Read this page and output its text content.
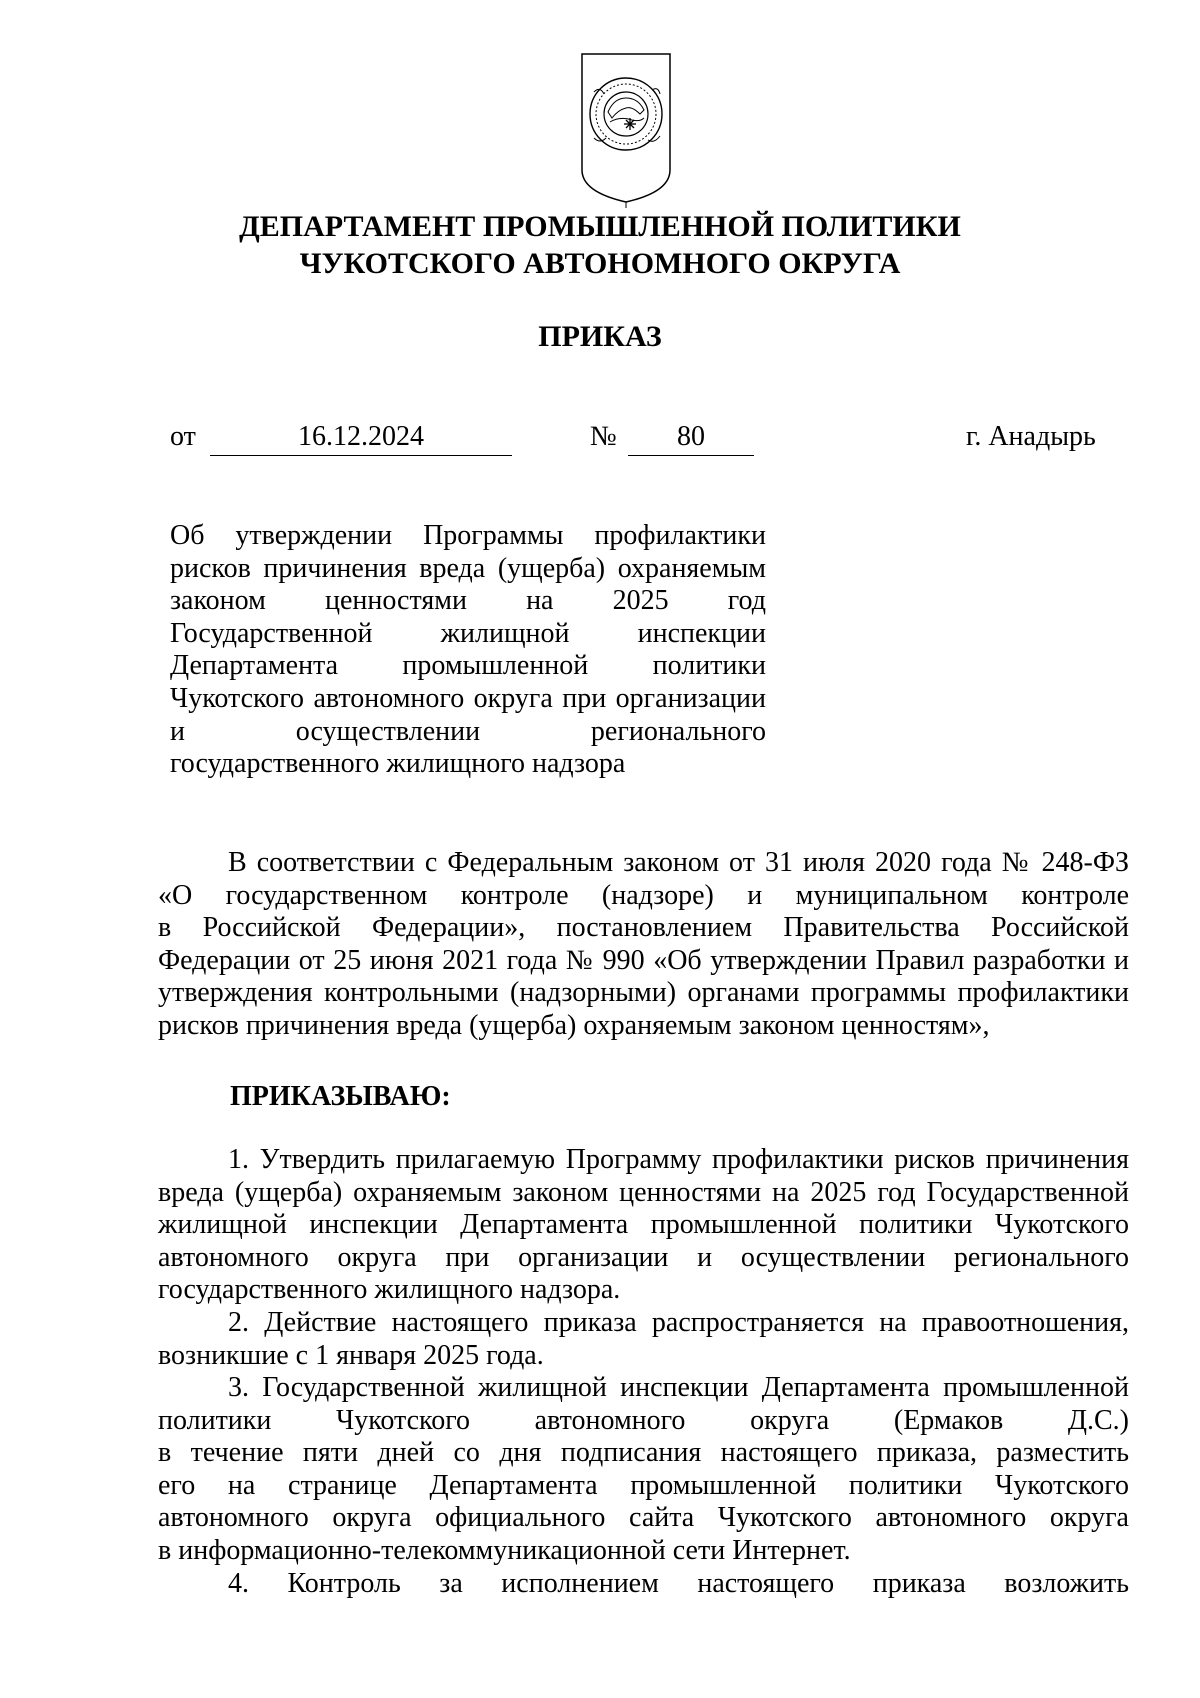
ДЕПАРТАМЕНТ ПРОМЫШЛЕННОЙ ПОЛИТИКИ
ЧУКОТСКОГО АВТОНОМНОГО ОКРУГА
ПРИКАЗ
от	16.12.2024	№	80	г. Анадырь
Об утверждении Программы профилактики
рисков причинения вреда (ущерба) охраняемым
законом ценностями на 2025 год
Государственной жилищной инспекции
Департамента промышленной политики
Чукотского автономного округа при организации
и осуществлении регионального
государственного жилищного надзора
В соответствии с Федеральным законом от 31 июля 2020 года № 248-ФЗ
«О государственном контроле (надзоре) и муниципальном контроле
в Российской Федерации», постановлением Правительства Российской
Федерации от 25 июня 2021 года № 990 «Об утверждении Правил разработки и
утверждения контрольными (надзорными) органами программы профилактики
рисков причинения вреда (ущерба) охраняемым законом ценностям»,
ПРИКАЗЫВАЮ:
1. Утвердить прилагаемую Программу профилактики рисков причинения
вреда (ущерба) охраняемым законом ценностями на 2025 год Государственной
жилищной инспекции Департамента промышленной политики Чукотского
автономного округа при организации и осуществлении регионального
государственного жилищного надзора.
2. Действие настоящего приказа распространяется на правоотношения,
возникшие с 1 января 2025 года.
3. Государственной жилищной инспекции Департамента промышленной
политики Чукотского автономного округа (Ермаков Д.С.)
в течение пяти дней со дня подписания настоящего приказа, разместить
его на странице Департамента промышленной политики Чукотского
автономного округа официального сайта Чукотского автономного округа
в информационно-телекоммуникационной сети Интернет.
4. Контроль за исполнением настоящего приказа возложить
